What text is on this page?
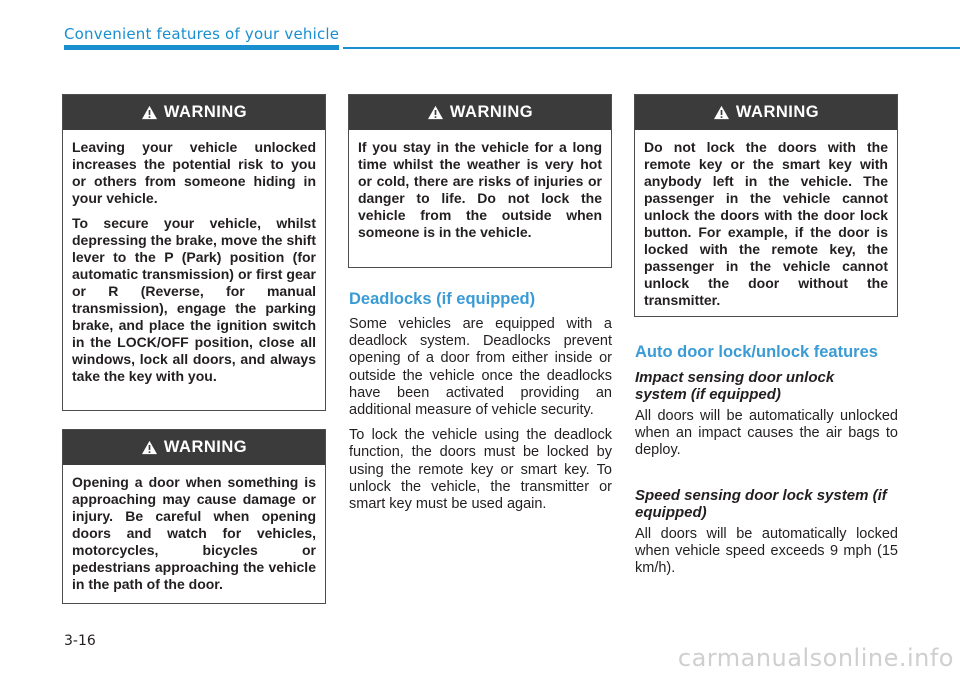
Convenient features of your vehicle
WARNING

Leaving your vehicle unlocked increases the potential risk to you or others from someone hiding in your vehicle.

To secure your vehicle, whilst depressing the brake, move the shift lever to the P (Park) position (for automatic transmission) or first gear or R (Reverse, for manual transmission), engage the parking brake, and place the ignition switch in the LOCK/OFF position, close all windows, lock all doors, and always take the key with you.

WARNING

Opening a door when something is approaching may cause damage or injury. Be careful when opening doors and watch for vehicles, motorcycles, bicycles or pedestrians approaching the vehicle in the path of the door.

WARNING

If you stay in the vehicle for a long time whilst the weather is very hot or cold, there are risks of injuries or danger to life. Do not lock the vehicle from the outside when someone is in the vehicle.

WARNING

Do not lock the doors with the remote key or the smart key with anybody left in the vehicle. The passenger in the vehicle cannot unlock the doors with the door lock button. For example, if the door is locked with the remote key, the passenger in the vehicle cannot unlock the door without the transmitter.

Deadlocks (if equipped)

Some vehicles are equipped with a deadlock system. Deadlocks prevent opening of a door from either inside or outside the vehicle once the deadlocks have been activated providing an additional measure of vehicle security.

To lock the vehicle using the deadlock function, the doors must be locked by using the remote key or smart key. To unlock the vehicle, the transmitter or smart key must be used again.

Auto door lock/unlock features
Impact sensing door unlock system (if equipped)

All doors will be automatically unlocked when an impact causes the air bags to deploy.

Speed sensing door lock system (if equipped)

All doors will be automatically locked when vehicle speed exceeds 9 mph (15 km/h).

3-16
carmanualsonline.info
